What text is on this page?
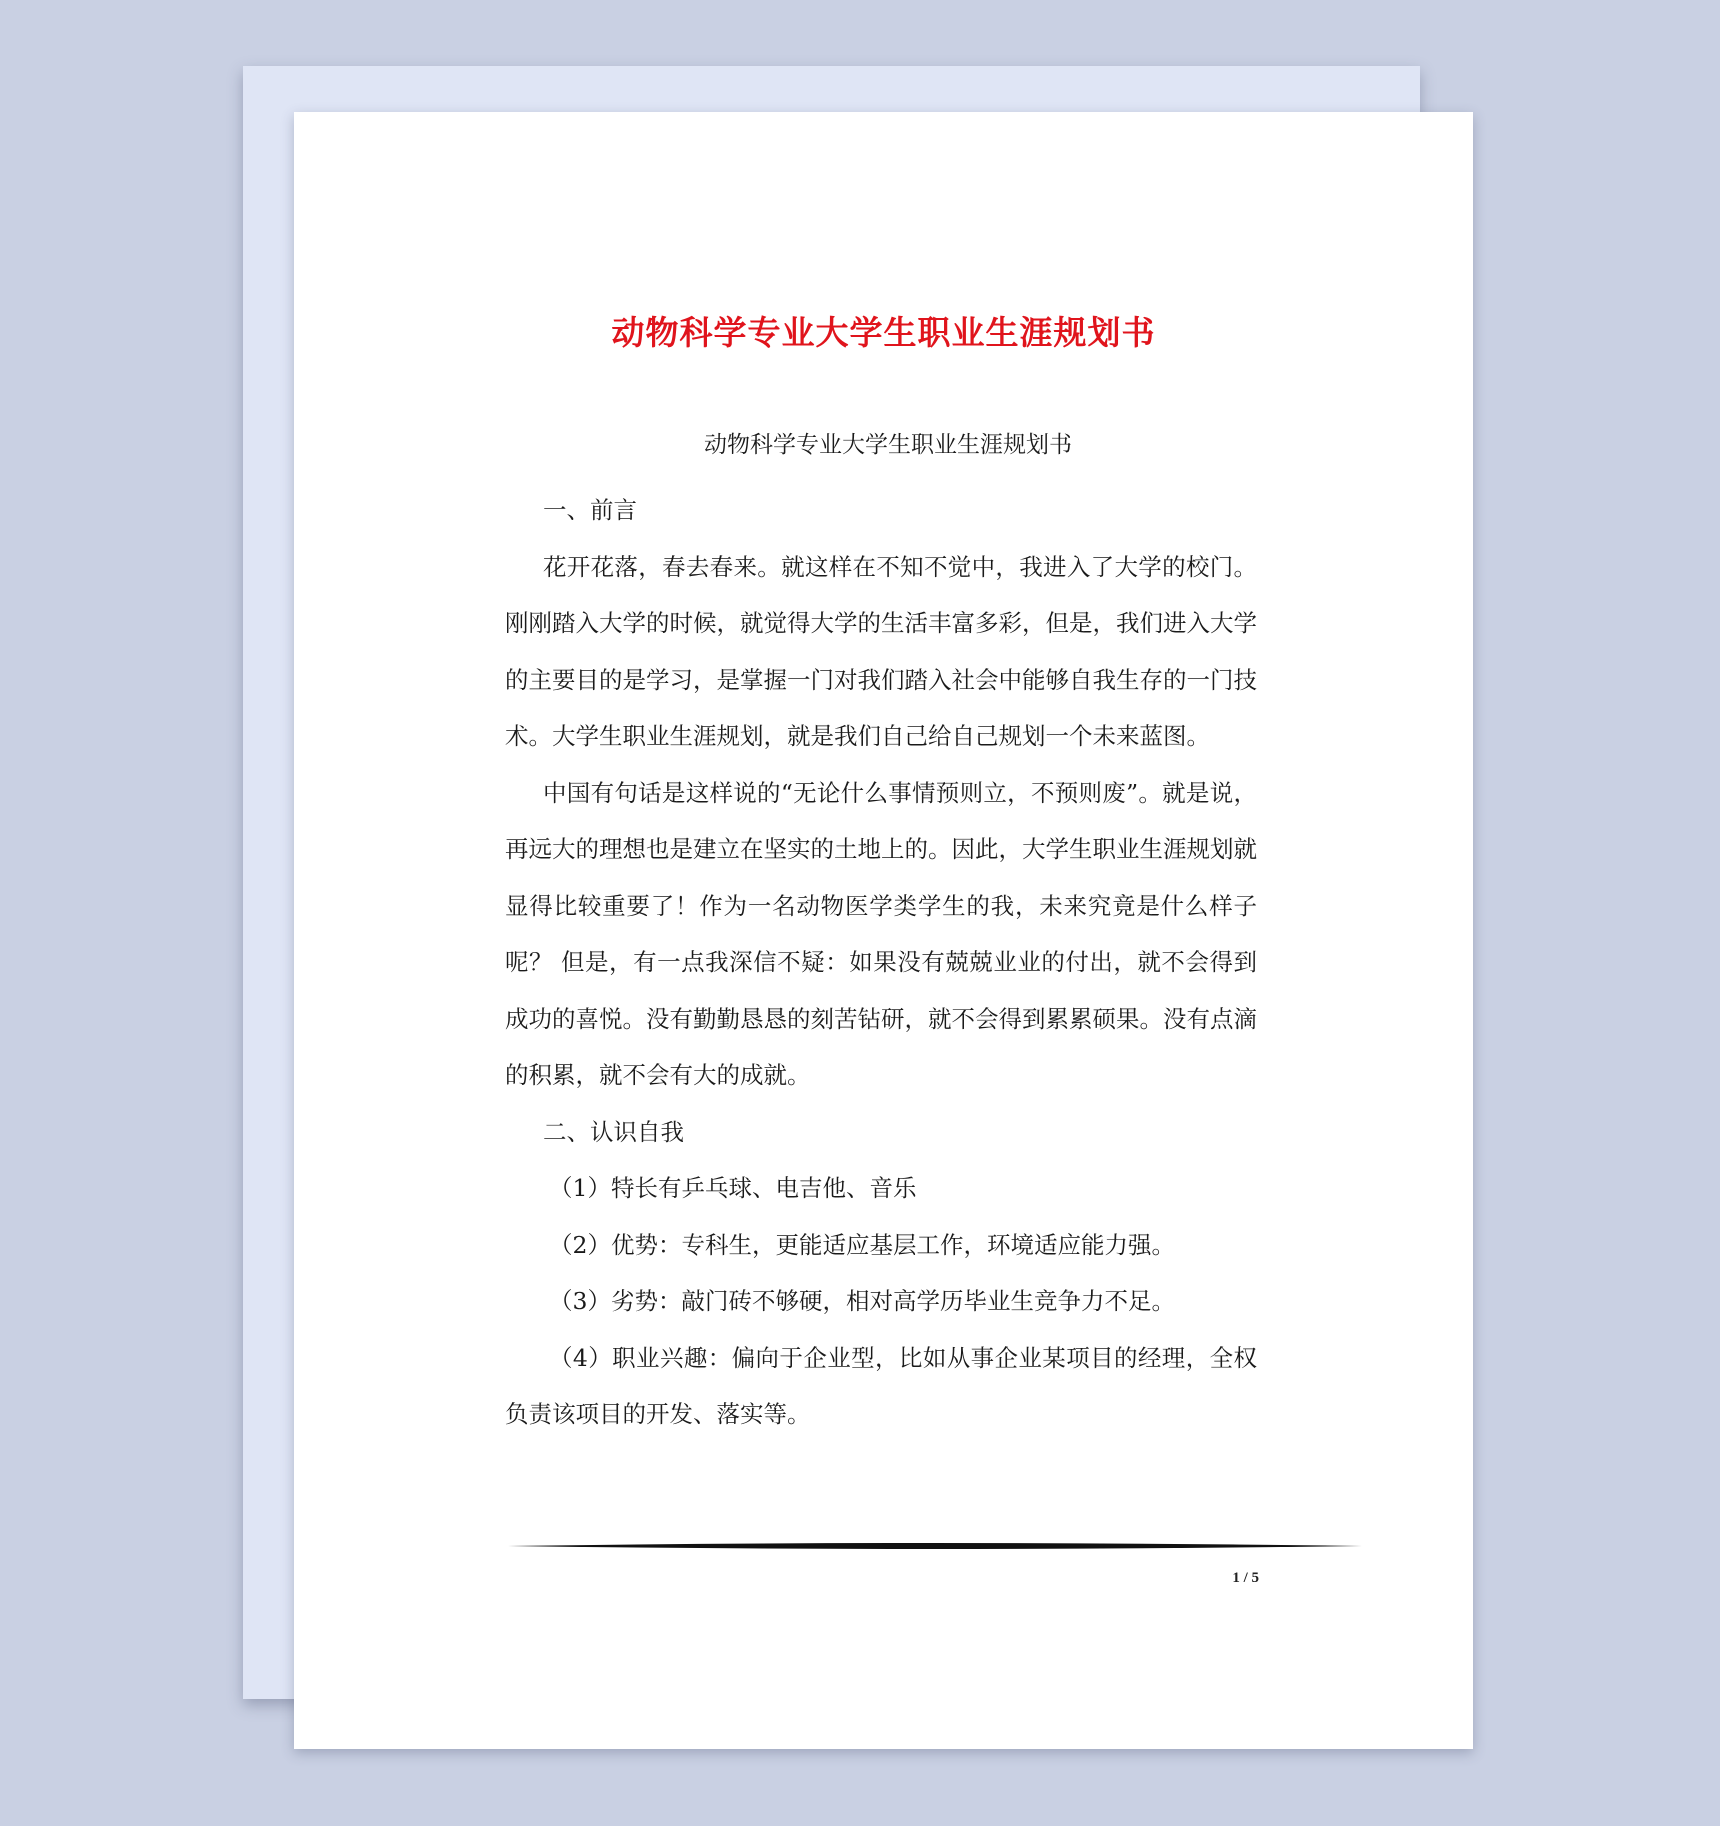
动物科学专业大学生职业生涯规划书
动物科学专业大学生职业生涯规划书

一、前言

花开花落，春去春来。就这样在不知不觉中，我进入了大学的校门。刚刚踏入大学的时候，就觉得大学的生活丰富多彩，但是，我们进入大学的主要目的是学习，是掌握一门对我们踏入社会中能够自我生存的一门技术。大学生职业生涯规划，就是我们自己给自己规划一个未来蓝图。

中国有句话是这样说的“无论什么事情预则立，不预则废”。就是说，再远大的理想也是建立在坚实的土地上的。因此，大学生职业生涯规划就显得比较重要了！作为一名动物医学类学生的我，未来究竟是什么样子呢？ 但是，有一点我深信不疑：如果没有兢兢业业的付出，就不会得到成功的喜悦。没有勤勤恳恳的刻苦钻研，就不会得到累累硕果。没有点滴的积累，就不会有大的成就。

二、认识自我

（1）特长有乒乓球、电吉他、音乐

（2）优势：专科生，更能适应基层工作，环境适应能力强。

（3）劣势：敲门砖不够硬，相对高学历毕业生竞争力不足。

（4）职业兴趣：偏向于企业型，比如从事企业某项目的经理，全权负责该项目的开发、落实等。

1 / 5
